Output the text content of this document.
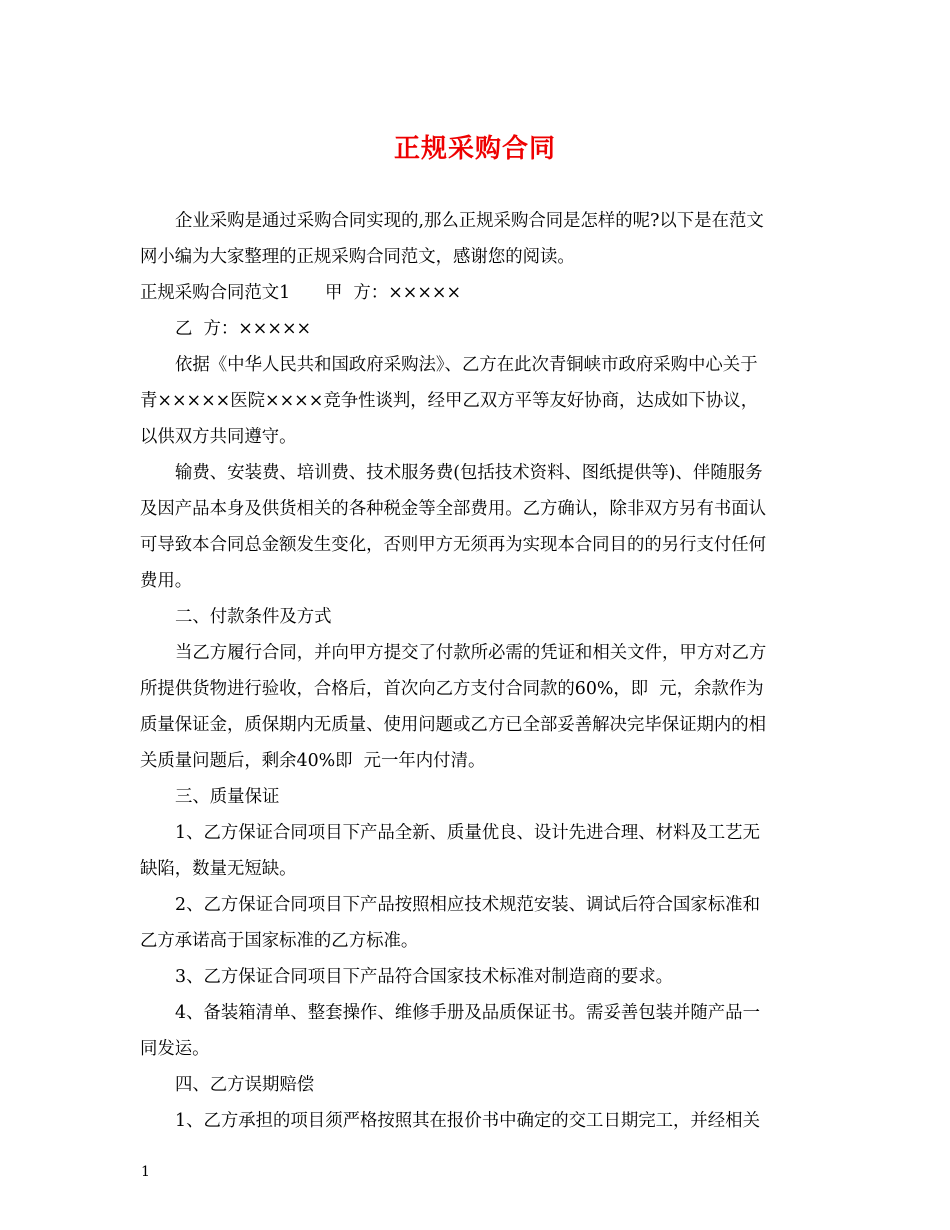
正规采购合同

企业采购是通过采购合同实现的,那么正规采购合同是怎样的呢?以下是在范文

网小编为大家整理的正规采购合同范文，感谢您的阅读。

正规采购合同范文1　　甲  方：×××××

乙  方：×××××

依据《中华人民共和国政府采购法》、乙方在此次青铜峡市政府采购中心关于

青×××××医院××××竞争性谈判，经甲乙双方平等友好协商，达成如下协议，

以供双方共同遵守。

输费、安装费、培训费、技术服务费(包括技术资料、图纸提供等)、伴随服务

及因产品本身及供货相关的各种税金等全部费用。乙方确认，除非双方另有书面认

可导致本合同总金额发生变化，否则甲方无须再为实现本合同目的的另行支付任何

费用。

二、付款条件及方式

当乙方履行合同，并向甲方提交了付款所必需的凭证和相关文件，甲方对乙方

所提供货物进行验收，合格后，首次向乙方支付合同款的60%，即  元，余款作为

质量保证金，质保期内无质量、使用问题或乙方已全部妥善解决完毕保证期内的相

关质量问题后，剩余40%即  元一年内付清。

三、质量保证

1、乙方保证合同项目下产品全新、质量优良、设计先进合理、材料及工艺无

缺陷，数量无短缺。

2、乙方保证合同项目下产品按照相应技术规范安装、调试后符合国家标准和

乙方承诺高于国家标准的乙方标准。

3、乙方保证合同项目下产品符合国家技术标准对制造商的要求。

4、备装箱清单、整套操作、维修手册及品质保证书。需妥善包装并随产品一

同发运。

四、乙方误期赔偿

1、乙方承担的项目须严格按照其在报价书中确定的交工日期完工，并经相关

1
